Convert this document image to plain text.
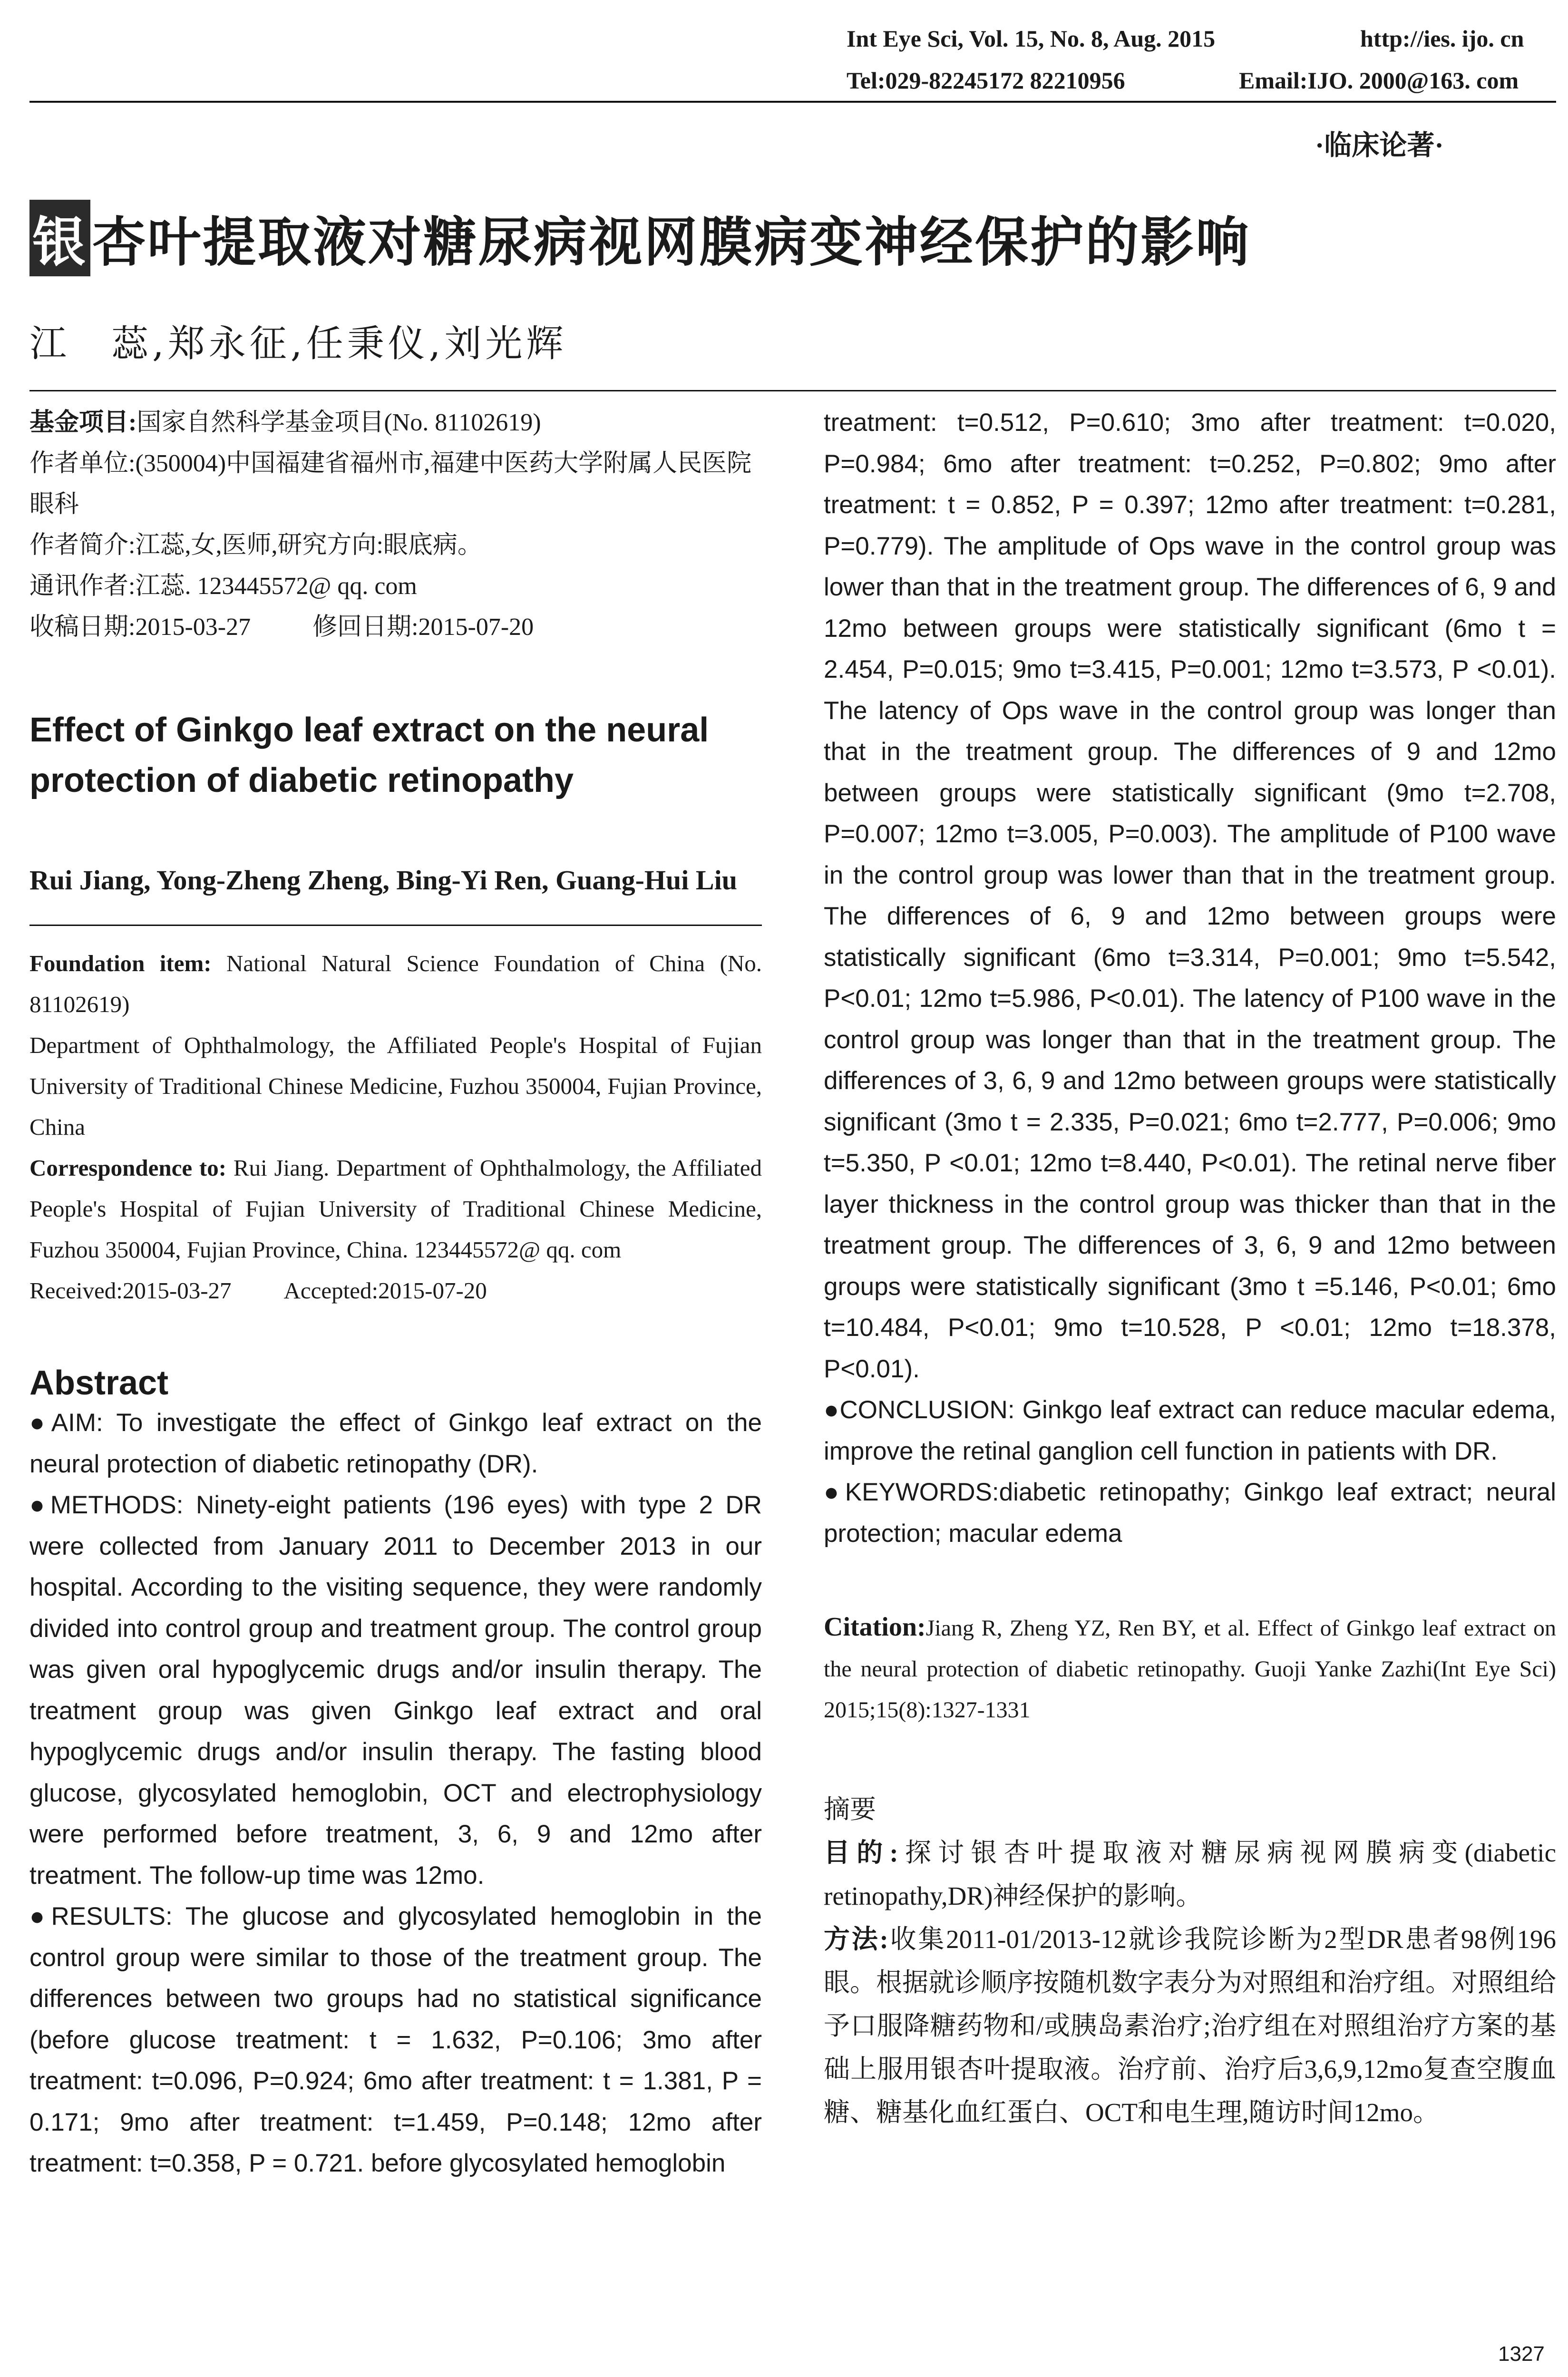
Int Eye Sci, Vol. 15, No. 8, Aug. 2015	http://ies. ijo. cn
Tel:029-82245172 82210956	Email:IJO. 2000@163. com
·临床论著·
银杏叶提取液对糖尿病视网膜病变神经保护的影响
江　蕊,郑永征,任秉仪,刘光辉

基金项目:国家自然科学基金项目(No. 81102619)

作者单位:(350004)中国福建省福州市,福建中医药大学附属人民医院眼科

作者简介:江蕊,女,医师,研究方向:眼底病。

通讯作者:江蕊. 123445572@ qq. com

收稿日期:2015-03-27	修回日期:2015-07-20

Effect of Ginkgo leaf extract on the neural protection of diabetic retinopathy

Rui Jiang, Yong-Zheng Zheng, Bing-Yi Ren, Guang-Hui Liu

Foundation item: National Natural Science Foundation of China (No. 81102619)

Department of Ophthalmology, the Affiliated People's Hospital of Fujian University of Traditional Chinese Medicine, Fuzhou 350004, Fujian Province, China

Correspondence to: Rui Jiang. Department of Ophthalmology, the Affiliated People's Hospital of Fujian University of Traditional Chinese Medicine, Fuzhou 350004, Fujian Province, China. 123445572@ qq. com

Received:2015-03-27 Accepted:2015-07-20

Abstract

●AIM: To investigate the effect of Ginkgo leaf extract on the neural protection of diabetic retinopathy (DR).

●METHODS: Ninety-eight patients (196 eyes) with type 2 DR were collected from January 2011 to December 2013 in our hospital. According to the visiting sequence, they were randomly divided into control group and treatment group. The control group was given oral hypoglycemic drugs and/or insulin therapy. The treatment group was given Ginkgo leaf extract and oral hypoglycemic drugs and/or insulin therapy. The fasting blood glucose, glycosylated hemoglobin, OCT and electrophysiology were performed before treatment, 3, 6, 9 and 12mo after treatment. The follow-up time was 12mo.

●RESULTS: The glucose and glycosylated hemoglobin in the control group were similar to those of the treatment group. The differences between two groups had no statistical significance (before glucose treatment: t = 1.632, P=0.106; 3mo after treatment: t=0.096, P=0.924; 6mo after treatment: t = 1.381, P = 0.171; 9mo after treatment: t=1.459, P=0.148; 12mo after treatment: t=0.358, P = 0.721. before glycosylated hemoglobin

treatment: t=0.512, P=0.610; 3mo after treatment: t=0.020, P=0.984; 6mo after treatment: t=0.252, P=0.802; 9mo after treatment: t = 0.852, P = 0.397; 12mo after treatment: t=0.281, P=0.779). The amplitude of Ops wave in the control group was lower than that in the treatment group. The differences of 6, 9 and 12mo between groups were statistically significant (6mo t = 2.454, P=0.015; 9mo t=3.415, P=0.001; 12mo t=3.573, P <0.01). The latency of Ops wave in the control group was longer than that in the treatment group. The differences of 9 and 12mo between groups were statistically significant (9mo t=2.708, P=0.007; 12mo t=3.005, P=0.003). The amplitude of P100 wave in the control group was lower than that in the treatment group. The differences of 6, 9 and 12mo between groups were statistically significant (6mo t=3.314, P=0.001; 9mo t=5.542, P<0.01; 12mo t=5.986, P<0.01). The latency of P100 wave in the control group was longer than that in the treatment group. The differences of 3, 6, 9 and 12mo between groups were statistically significant (3mo t = 2.335, P=0.021; 6mo t=2.777, P=0.006; 9mo t=5.350, P <0.01; 12mo t=8.440, P<0.01). The retinal nerve fiber layer thickness in the control group was thicker than that in the treatment group. The differences of 3, 6, 9 and 12mo between groups were statistically significant (3mo t =5.146, P<0.01; 6mo t=10.484, P<0.01; 9mo t=10.528, P <0.01; 12mo t=18.378, P<0.01).

●CONCLUSION: Ginkgo leaf extract can reduce macular edema, improve the retinal ganglion cell function in patients with DR.

●KEYWORDS:diabetic retinopathy; Ginkgo leaf extract; neural protection; macular edema

Citation:Jiang R, Zheng YZ, Ren BY, et al. Effect of Ginkgo leaf extract on the neural protection of diabetic retinopathy. Guoji Yanke Zazhi(Int Eye Sci) 2015;15(8):1327-1331

摘要

目的:探讨银杏叶提取液对糖尿病视网膜病变(diabetic retinopathy,DR)神经保护的影响。

方法:收集2011-01/2013-12就诊我院诊断为2型DR患者98例196眼。根据就诊顺序按随机数字表分为对照组和治疗组。对照组给予口服降糖药物和/或胰岛素治疗;治疗组在对照组治疗方案的基础上服用银杏叶提取液。治疗前、治疗后3,6,9,12mo复查空腹血糖、糖基化血红蛋白、OCT和电生理,随访时间12mo。

1327
